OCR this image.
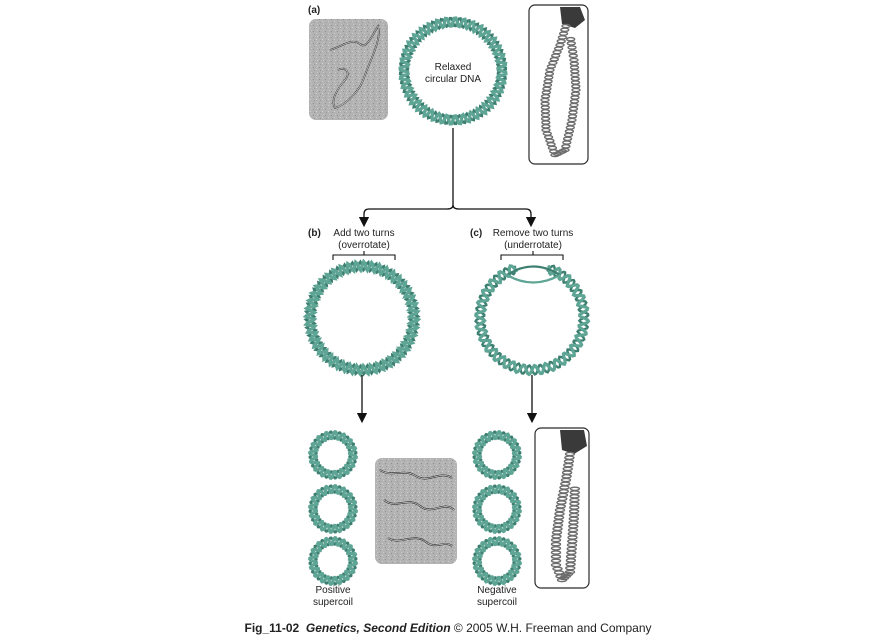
(a)
Relaxed
circular DNA
(b) Add two turns
(overrotate)
Positive
supercoil
(c) Remove two turns
(underrotate)
Negative
supercoil
Fig_11-02 Genetics, Second Edition © 2005 W.H. Freeman and Company
